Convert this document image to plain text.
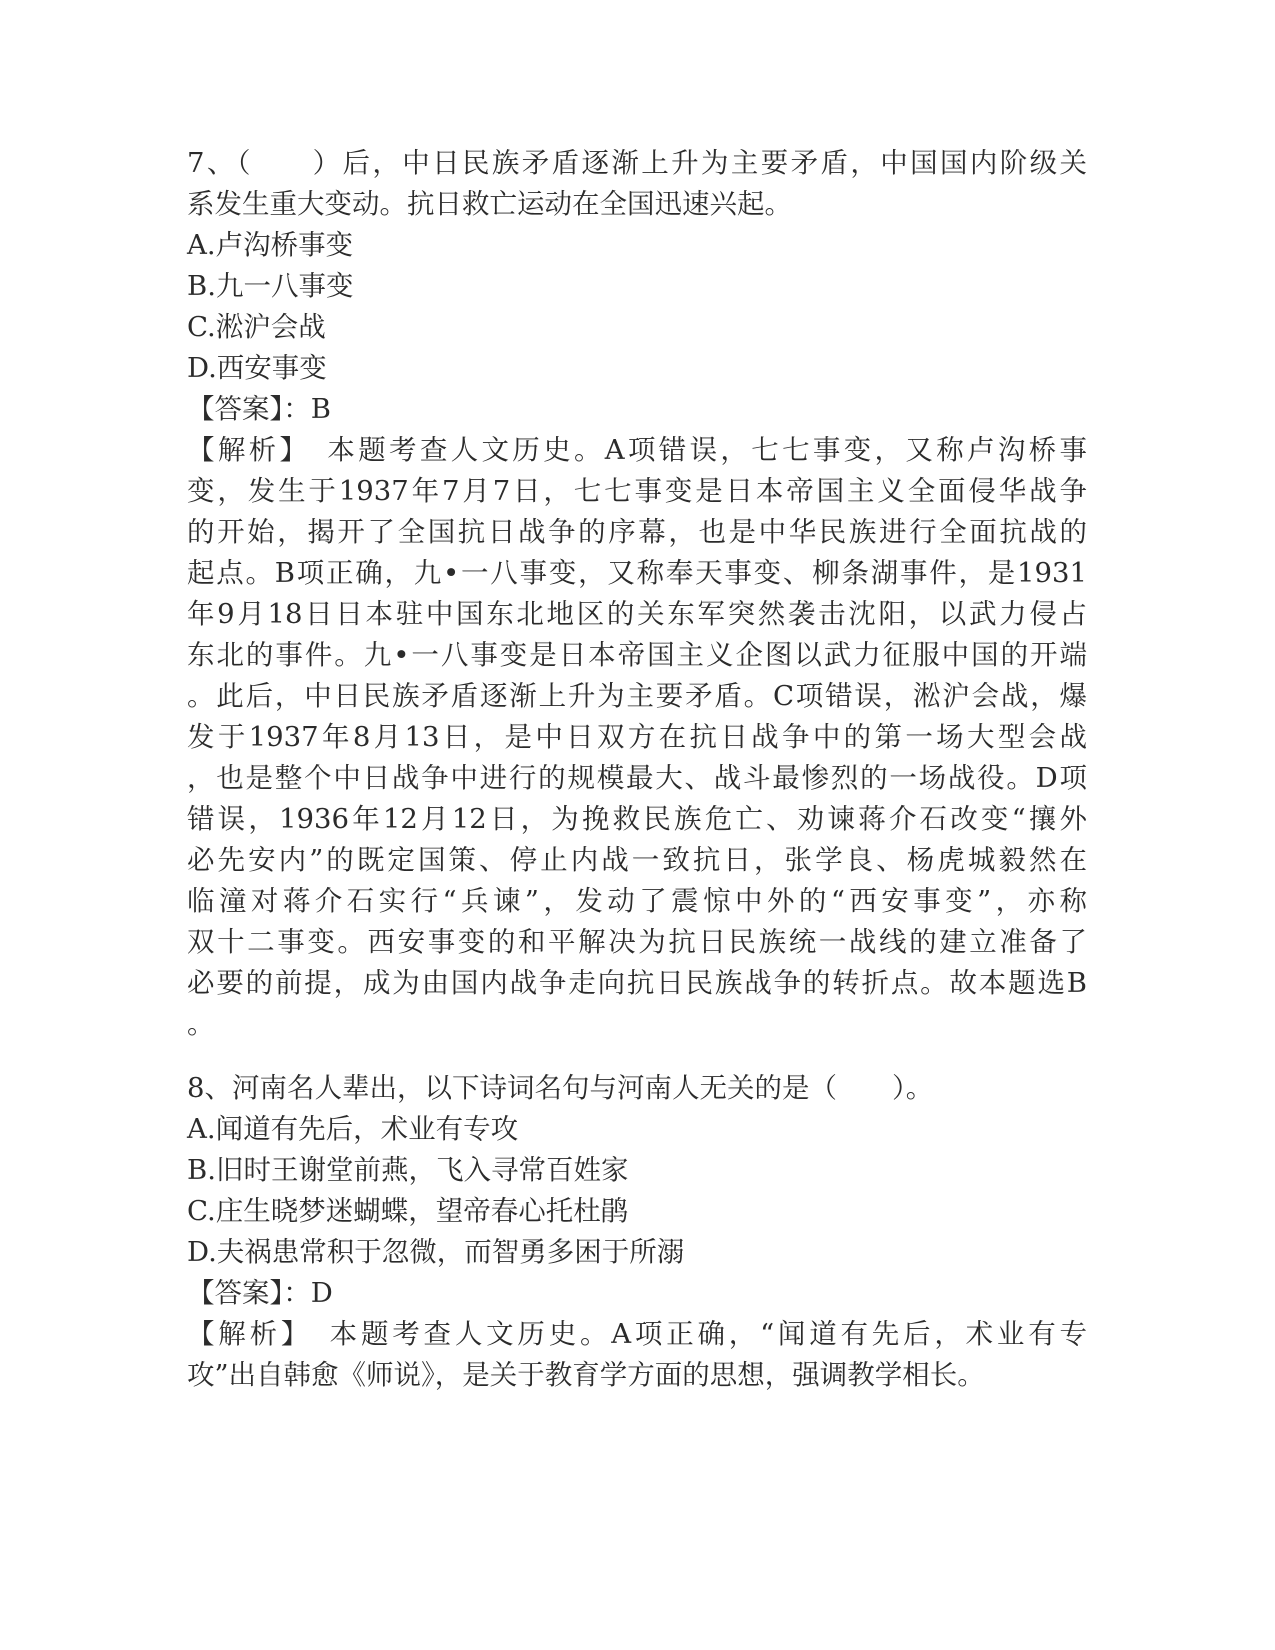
7、（　　）后，中日民族矛盾逐渐上升为主要矛盾，中国国内阶级关
系发生重大变动。抗日救亡运动在全国迅速兴起。
A.卢沟桥事变
B.九一八事变
C.淞沪会战
D.西安事变
【答案】：B
【解析】　本题考查人文历史。A项错误，七七事变，又称卢沟桥事
变，发生于1937年7月7日，七七事变是日本帝国主义全面侵华战争
的开始，揭开了全国抗日战争的序幕，也是中华民族进行全面抗战的
起点。B项正确，九•一八事变，又称奉天事变、柳条湖事件，是1931
年9月18日日本驻中国东北地区的关东军突然袭击沈阳，以武力侵占
东北的事件。九•一八事变是日本帝国主义企图以武力征服中国的开端
。此后，中日民族矛盾逐渐上升为主要矛盾。C项错误，淞沪会战，爆
发于1937年8月13日，是中日双方在抗日战争中的第一场大型会战
，也是整个中日战争中进行的规模最大、战斗最惨烈的一场战役。D项
错误，1936年12月12日，为挽救民族危亡、劝谏蒋介石改变“攘外
必先安内”的既定国策、停止内战一致抗日，张学良、杨虎城毅然在
临潼对蒋介石实行“兵谏”，发动了震惊中外的“西安事变”，亦称
双十二事变。西安事变的和平解决为抗日民族统一战线的建立准备了
必要的前提，成为由国内战争走向抗日民族战争的转折点。故本题选B
。
8、河南名人辈出，以下诗词名句与河南人无关的是（　　）。
A.闻道有先后，术业有专攻
B.旧时王谢堂前燕，飞入寻常百姓家
C.庄生晓梦迷蝴蝶，望帝春心托杜鹃
D.夫祸患常积于忽微，而智勇多困于所溺
【答案】：D
【解析】　本题考查人文历史。A项正确，“闻道有先后，术业有专
攻”出自韩愈《师说》，是关于教育学方面的思想，强调教学相长。
